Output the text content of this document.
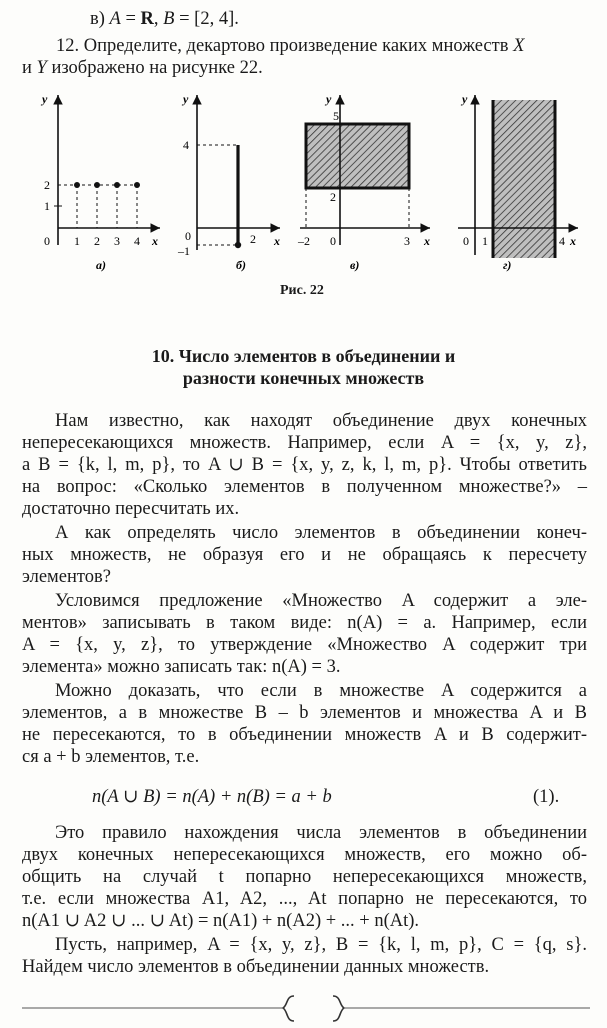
в) A = R, B = [2, 4].
12. Определите, декартово произведение каких множеств X
и Y изображено на рисунке 22.
y
x
0 1 2 3 4
1
2
а)
y
x
0	2
4
–1
б)
y
x
–2 0	3
5
2
в)
y
x
0 1	4
г)
Рис. 22
10. Число элементов в объединении и
разности конечных множеств
Нам известно, как находят объединение двух конечных
непересекающихся множеств. Например, если A = {x, y, z},
а B = {k, l, m, p}, то A ∪ B = {x, y, z, k, l, m, p}. Чтобы ответить
на вопрос: «Сколько элементов в полученном множестве?» –
достаточно пересчитать их.
А как определять число элементов в объединении конеч-
ных множеств, не образуя его и не обращаясь к пересчету
элементов?
Условимся предложение «Множество A содержит a эле-
ментов» записывать в таком виде: n(A) = a. Например, если
A = {x, y, z}, то утверждение «Множество A содержит три
элемента» можно записать так: n(A) = 3.
Можно доказать, что если в множестве A содержится a
элементов, а в множестве B – b элементов и множества A и B
не пересекаются, то в объединении множеств A и B содержит-
ся a + b элементов, т.е.
n(A ∪ B) = n(A) + n(B) = a + b	(1).
Это правило нахождения числа элементов в объединении
двух конечных непересекающихся множеств, его можно об-
общить на случай t попарно непересекающихся множеств,
т.е. если множества A1, A2, ..., At попарно не пересекаются, то
n(A1 ∪ A2 ∪ ... ∪ At) = n(A1) + n(A2) + ... + n(At).
Пусть, например, A = {x, y, z}, B = {k, l, m, p}, C = {q, s}.
Найдем число элементов в объединении данных множеств.
